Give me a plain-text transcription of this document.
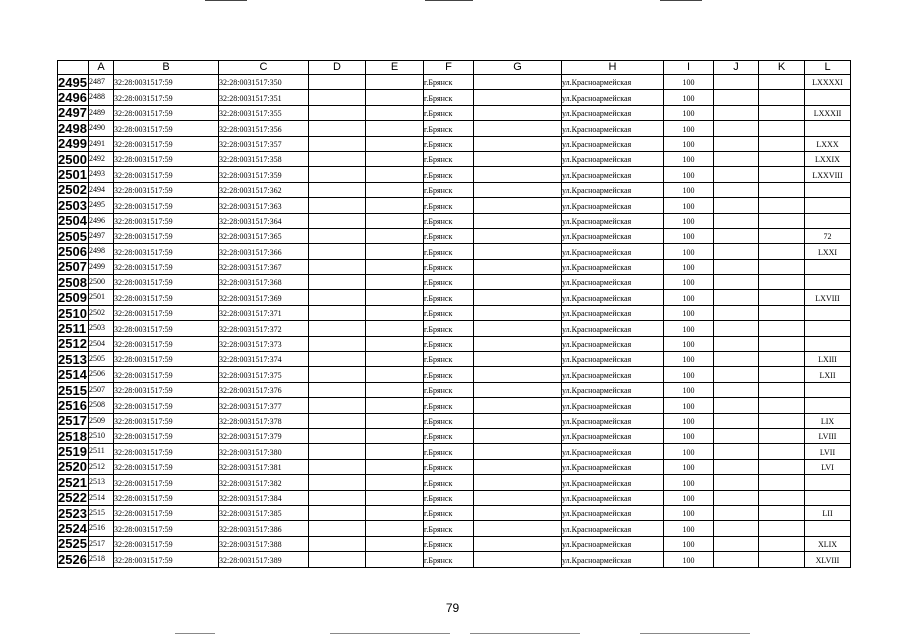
	A	B	C	D	E	F	G	H	I	J	K	L
2495	2487	32:28:0031517:59	32:28:0031517:350			г.Брянск		ул.Красноармейская	100			LXXXXI
2496	2488	32:28:0031517:59	32:28:0031517:351			г.Брянск		ул.Красноармейская	100			
2497	2489	32:28:0031517:59	32:28:0031517:355			г.Брянск		ул.Красноармейская	100			LXXXII
2498	2490	32:28:0031517:59	32:28:0031517:356			г.Брянск		ул.Красноармейская	100			
2499	2491	32:28:0031517:59	32:28:0031517:357			г.Брянск		ул.Красноармейская	100			LXXX
2500	2492	32:28:0031517:59	32:28:0031517:358			г.Брянск		ул.Красноармейская	100			LXXIX
2501	2493	32:28:0031517:59	32:28:0031517:359			г.Брянск		ул.Красноармейская	100			LXXVIII
2502	2494	32:28:0031517:59	32:28:0031517:362			г.Брянск		ул.Красноармейская	100			
2503	2495	32:28:0031517:59	32:28:0031517:363			г.Брянск		ул.Красноармейская	100			
2504	2496	32:28:0031517:59	32:28:0031517:364			г.Брянск		ул.Красноармейская	100			
2505	2497	32:28:0031517:59	32:28:0031517:365			г.Брянск		ул.Красноармейская	100			72
2506	2498	32:28:0031517:59	32:28:0031517:366			г.Брянск		ул.Красноармейская	100			LXXI
2507	2499	32:28:0031517:59	32:28:0031517:367			г.Брянск		ул.Красноармейская	100			
2508	2500	32:28:0031517:59	32:28:0031517:368			г.Брянск		ул.Красноармейская	100			
2509	2501	32:28:0031517:59	32:28:0031517:369			г.Брянск		ул.Красноармейская	100			LXVIII
2510	2502	32:28:0031517:59	32:28:0031517:371			г.Брянск		ул.Красноармейская	100			
2511	2503	32:28:0031517:59	32:28:0031517:372			г.Брянск		ул.Красноармейская	100			
2512	2504	32:28:0031517:59	32:28:0031517:373			г.Брянск		ул.Красноармейская	100			
2513	2505	32:28:0031517:59	32:28:0031517:374			г.Брянск		ул.Красноармейская	100			LXIII
2514	2506	32:28:0031517:59	32:28:0031517:375			г.Брянск		ул.Красноармейская	100			LXII
2515	2507	32:28:0031517:59	32:28:0031517:376			г.Брянск		ул.Красноармейская	100			
2516	2508	32:28:0031517:59	32:28:0031517:377			г.Брянск		ул.Красноармейская	100			
2517	2509	32:28:0031517:59	32:28:0031517:378			г.Брянск		ул.Красноармейская	100			LIX
2518	2510	32:28:0031517:59	32:28:0031517:379			г.Брянск		ул.Красноармейская	100			LVIII
2519	2511	32:28:0031517:59	32:28:0031517:380			г.Брянск		ул.Красноармейская	100			LVII
2520	2512	32:28:0031517:59	32:28:0031517:381			г.Брянск		ул.Красноармейская	100			LVI
2521	2513	32:28:0031517:59	32:28:0031517:382			г.Брянск		ул.Красноармейская	100			
2522	2514	32:28:0031517:59	32:28:0031517:384			г.Брянск		ул.Красноармейская	100			
2523	2515	32:28:0031517:59	32:28:0031517:385			г.Брянск		ул.Красноармейская	100			LII
2524	2516	32:28:0031517:59	32:28:0031517:386			г.Брянск		ул.Красноармейская	100			
2525	2517	32:28:0031517:59	32:28:0031517:388			г.Брянск		ул.Красноармейская	100			XLIX
2526	2518	32:28:0031517:59	32:28:0031517:389			г.Брянск		ул.Красноармейская	100			XLVIII
79
